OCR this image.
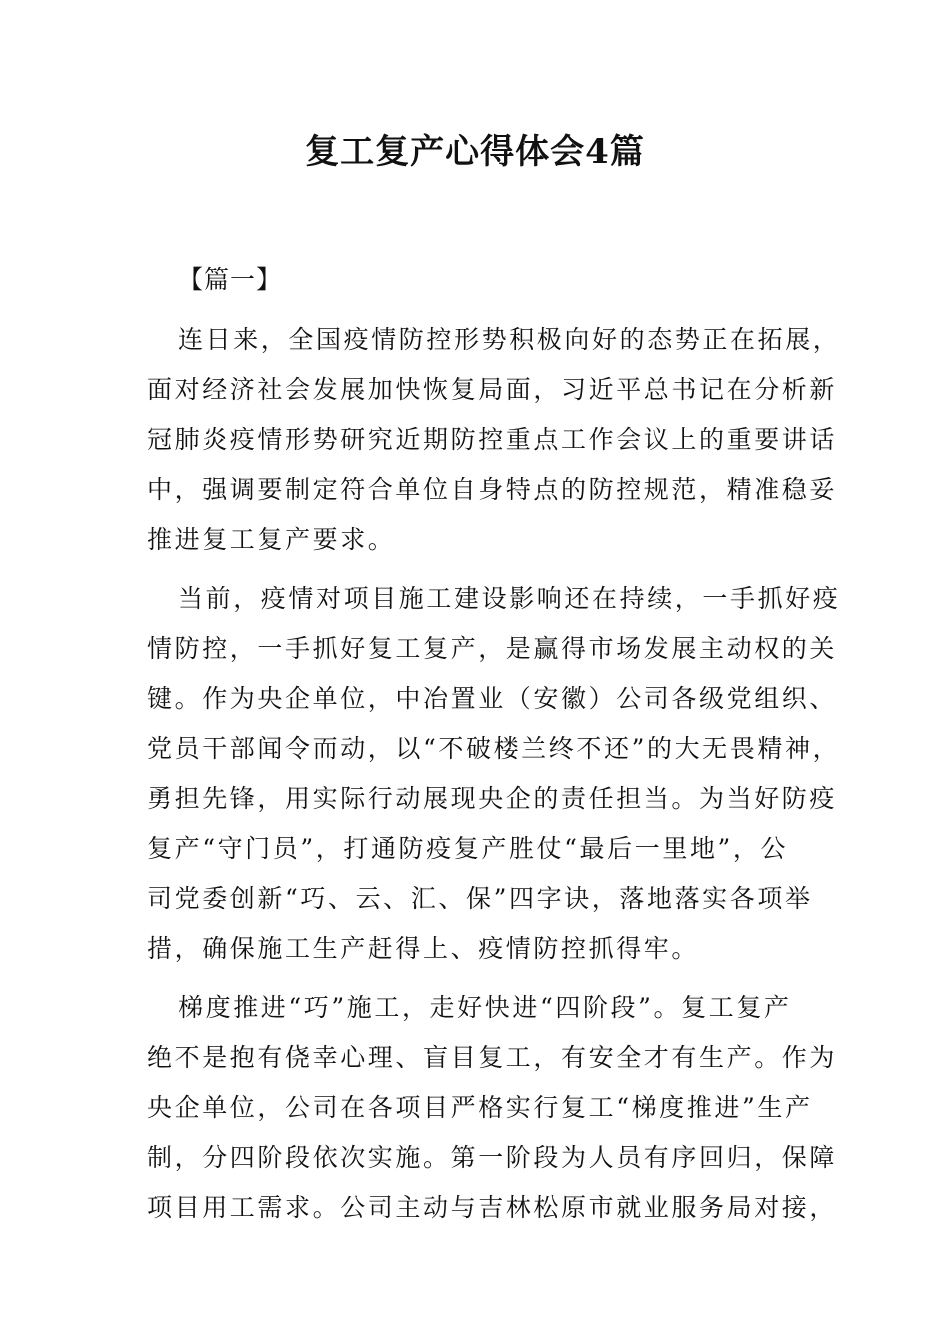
复工复产心得体会4篇
【篇一】
连日来，全国疫情防控形势积极向好的态势正在拓展，
面对经济社会发展加快恢复局面，习近平总书记在分析新
冠肺炎疫情形势研究近期防控重点工作会议上的重要讲话
中，强调要制定符合单位自身特点的防控规范，精准稳妥
推进复工复产要求。
当前，疫情对项目施工建设影响还在持续，一手抓好疫
情防控，一手抓好复工复产，是赢得市场发展主动权的关
键。作为央企单位，中冶置业（安徽）公司各级党组织、
党员干部闻令而动，以“不破楼兰终不还”的大无畏精神，
勇担先锋，用实际行动展现央企的责任担当。为当好防疫
复产“守门员”，打通防疫复产胜仗“最后一里地”，公
司党委创新“巧、云、汇、保”四字诀，落地落实各项举
措，确保施工生产赶得上、疫情防控抓得牢。
梯度推进“巧”施工，走好快进“四阶段”。复工复产
绝不是抱有侥幸心理、盲目复工，有安全才有生产。作为
央企单位，公司在各项目严格实行复工“梯度推进”生产
制，分四阶段依次实施。第一阶段为人员有序回归，保障
项目用工需求。公司主动与吉林松原市就业服务局对接，
